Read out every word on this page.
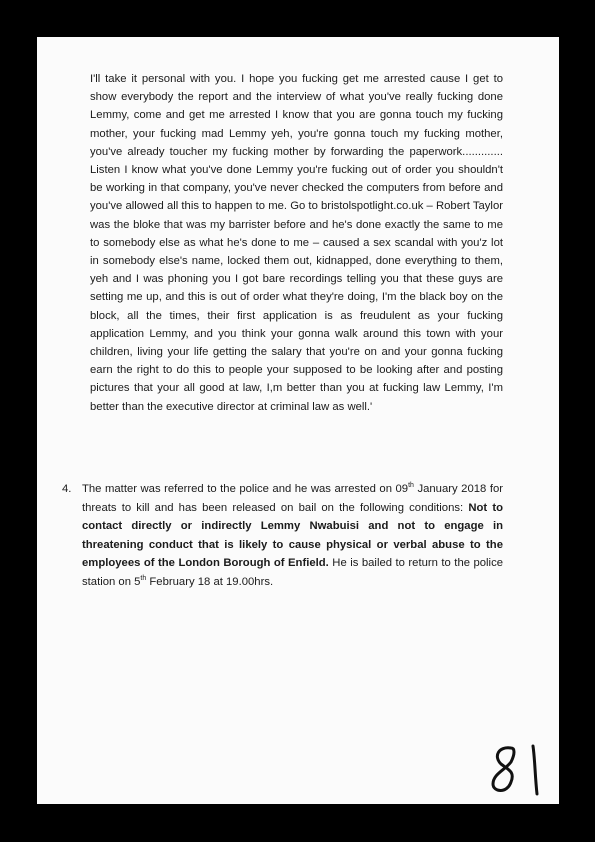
I'll take it personal with you. I hope you fucking get me arrested cause I get to show everybody the report and the interview of what you've really fucking done Lemmy, come and get me arrested I know that you are gonna touch my fucking mother, your fucking mad Lemmy yeh, you're gonna touch my fucking mother, you've already toucher my fucking mother by forwarding the paperwork............. Listen I know what you've done Lemmy you're fucking out of order you shouldn't be working in that company, you've never checked the computers from before and you've allowed all this to happen to me. Go to bristolspotlight.co.uk – Robert Taylor was the bloke that was my barrister before and he's done exactly the same to me to somebody else as what he's done to me – caused a sex scandal with you'z lot in somebody else's name, locked them out, kidnapped, done everything to them, yeh and I was phoning you I got bare recordings telling you that these guys are setting me up, and this is out of order what they're doing, I'm the black boy on the block, all the times, their first application is as freudulent as your fucking application Lemmy, and you think your gonna walk around this town with your children, living your life getting the salary that you're on and your gonna fucking earn the right to do this to people your supposed to be looking after and posting pictures that your all good at law, I,m better than you at fucking law Lemmy, I'm better than the executive director at criminal law as well.'

4. The matter was referred to the police and he was arrested on 09th January 2018 for threats to kill and has been released on bail on the following conditions: Not to contact directly or indirectly Lemmy Nwabuisi and not to engage in threatening conduct that is likely to cause physical or verbal abuse to the employees of the London Borough of Enfield. He is bailed to return to the police station on 5th February 18 at 19.00hrs.
